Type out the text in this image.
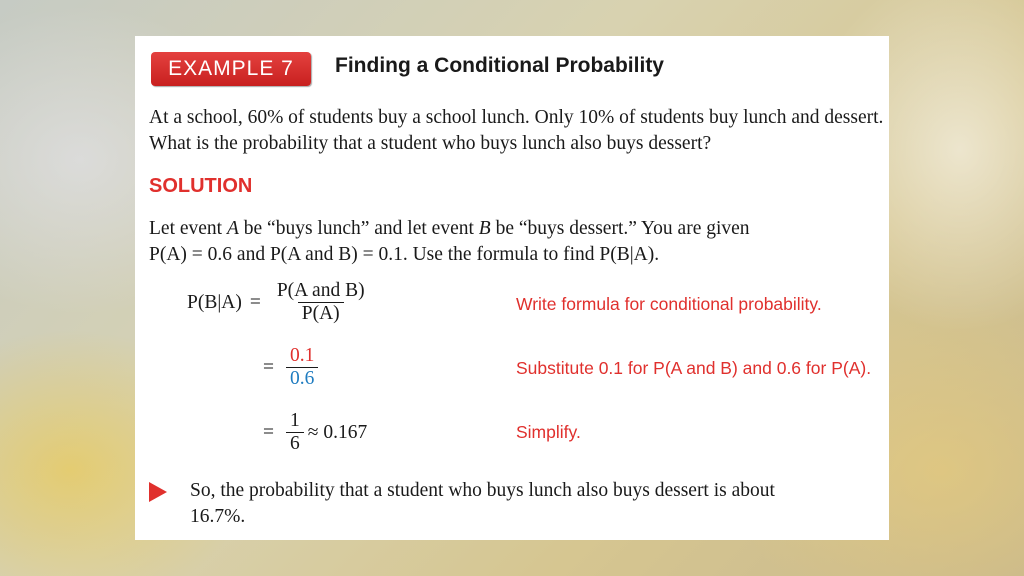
EXAMPLE 7	Finding a Conditional Probability

At a school, 60% of students buy a school lunch. Only 10% of students buy lunch and dessert. What is the probability that a student who buys lunch also buys dessert?

SOLUTION

Let event A be “buys lunch” and let event B be “buys dessert.” You are given
P(A) = 0.6 and P(A and B) = 0.1. Use the formula to find P(B|A).

$P(B|A) = \frac{\text{P(A and B)}}{P(A)}$	Write formula for conditional probability.
= $\frac{0.1}{0.6}$	Substitute 0.1 for P(A and B) and 0.6 for P(A).
= $\frac{1}{6} \approx 0.167$	Simplify.

So, the probability that a student who buys lunch also buys dessert is about 16.7%.
